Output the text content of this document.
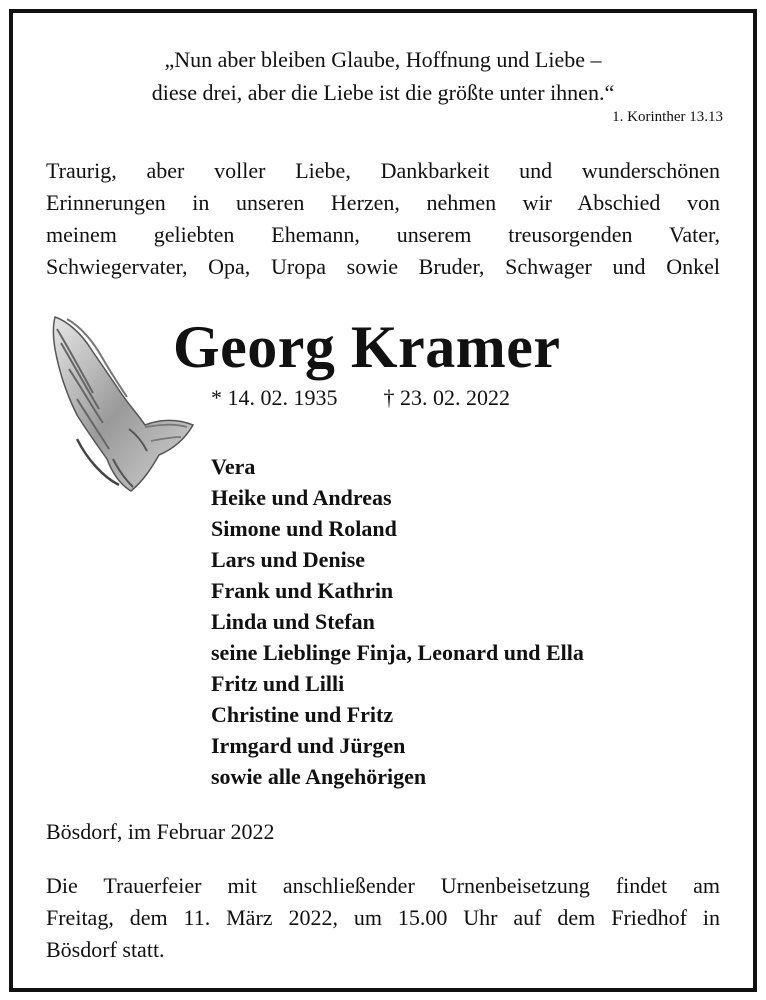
„Nun aber bleiben Glaube, Hoffnung und Liebe –
diese drei, aber die Liebe ist die größte unter ihnen.“
1. Korinther 13.13
Traurig, aber voller Liebe, Dankbarkeit und wunderschönen
Erinnerungen in unseren Herzen, nehmen wir Abschied von
meinem geliebten Ehemann, unserem treusorgenden Vater,
Schwiegervater, Opa, Uropa sowie Bruder, Schwager und Onkel
Georg Kramer
* 14. 02. 1935 † 23. 02. 2022
Vera
Heike und Andreas
Simone und Roland
Lars und Denise
Frank und Kathrin
Linda und Stefan
seine Lieblinge Finja, Leonard und Ella
Fritz und Lilli
Christine und Fritz
Irmgard und Jürgen
sowie alle Angehörigen
Bösdorf, im Februar 2022
Die Trauerfeier mit anschließender Urnenbeisetzung findet am
Freitag, dem 11. März 2022, um 15.00 Uhr auf dem Friedhof in
Bösdorf statt.
